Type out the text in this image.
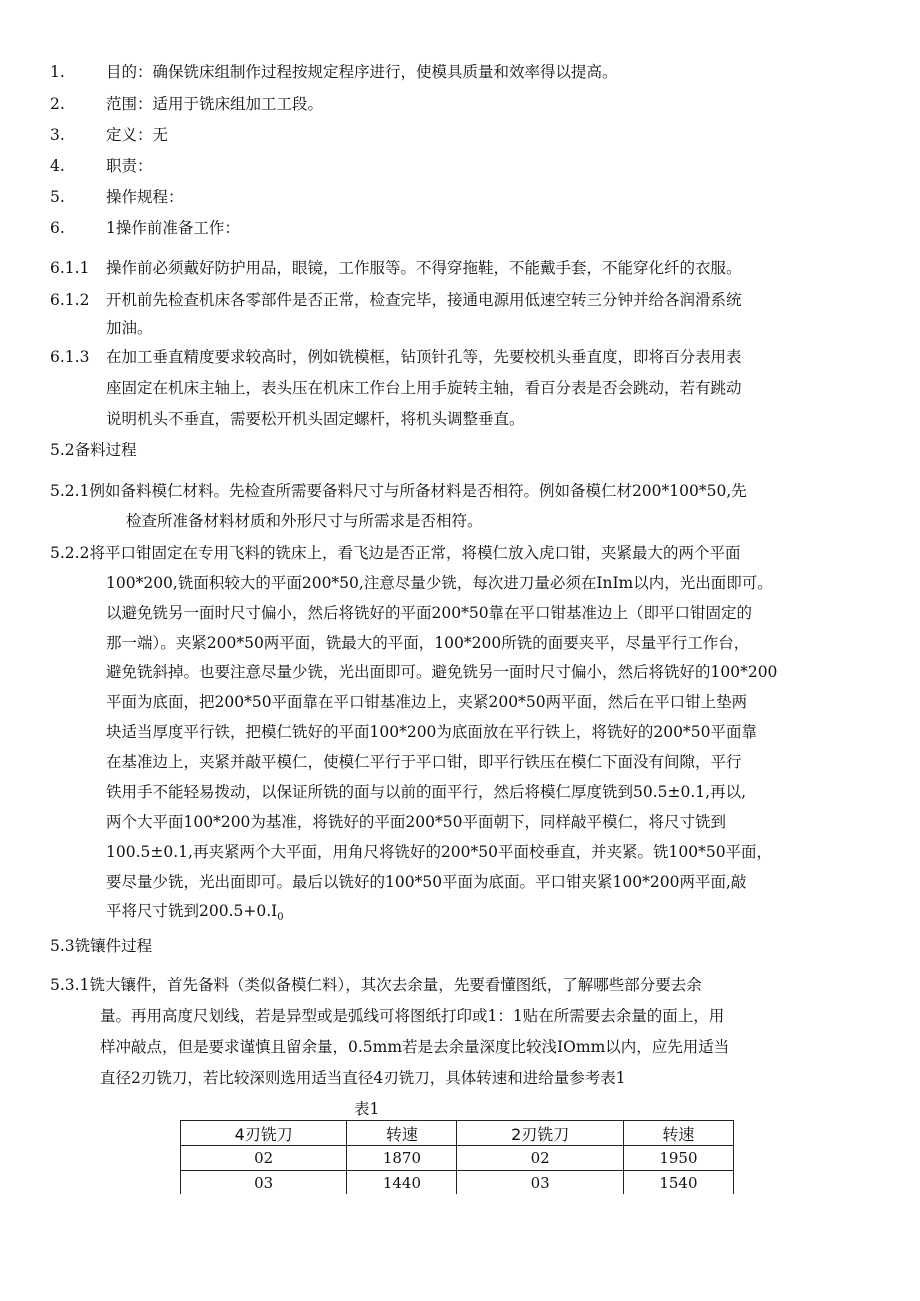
1.	目的：确保铣床组制作过程按规定程序进行，使模具质量和效率得以提高。
2.	范围：适用于铣床组加工工段。
3.	定义：无
4.	职责：
5.	操作规程：
6.	1操作前准备工作：
6.1.1 操作前必须戴好防护用品，眼镜，工作服等。不得穿拖鞋，不能戴手套，不能穿化纤的衣服。
6.1.2 开机前先检查机床各零部件是否正常，检查完毕，接通电源用低速空转三分钟并给各润滑系统
加油。
6.1.3 在加工垂直精度要求较高时，例如铣模框，钻顶针孔等，先要校机头垂直度，即将百分表用表
座固定在机床主轴上，表头压在机床工作台上用手旋转主轴，看百分表是否会跳动，若有跳动
说明机头不垂直，需要松开机头固定螺杆，将机头调整垂直。
5.2备料过程
5.2.1例如备料模仁材料。先检查所需要备料尺寸与所备材料是否相符。例如备模仁材200*100*50,先
检查所准备材料材质和外形尺寸与所需求是否相符。
5.2.2将平口钳固定在专用飞料的铣床上，看飞边是否正常，将模仁放入虎口钳，夹紧最大的两个平面
100*200,铣面积较大的平面200*50,注意尽量少铣，每次进刀量必须在InIm以内，光出面即可。
以避免铣另一面时尺寸偏小，然后将铣好的平面200*50靠在平口钳基准边上（即平口钳固定的
那一端）。夹紧200*50两平面，铣最大的平面，100*200所铣的面要夹平，尽量平行工作台，
避免铣斜掉。也要注意尽量少铣，光出面即可。避免铣另一面时尺寸偏小，然后将铣好的100*200
平面为底面，把200*50平面靠在平口钳基准边上，夹紧200*50两平面，然后在平口钳上垫两
块适当厚度平行铁，把模仁铣好的平面100*200为底面放在平行铁上，将铣好的200*50平面靠
在基准边上，夹紧并敲平模仁，使模仁平行于平口钳，即平行铁压在模仁下面没有间隙，平行
铁用手不能轻易拨动，以保证所铣的面与以前的面平行，然后将模仁厚度铣到50.5±0.1,再以,
两个大平面100*200为基准，将铣好的平面200*50平面朝下，同样敲平模仁，将尺寸铣到
100.5±0.1,再夹紧两个大平面，用角尺将铣好的200*50平面校垂直，并夹紧。铣100*50平面，
要尽量少铣，光出面即可。最后以铣好的100*50平面为底面。平口钳夹紧100*200两平面,敲
平将尺寸铣到$200.5+0.I_0$
5.3铣镶件过程
5.3.1铣大镶件，首先备料（类似备模仁料），其次去余量，先要看懂图纸，了解哪些部分要去余
量。再用高度尺划线，若是异型或是弧线可将图纸打印或1：1贴在所需要去余量的面上，用
样冲敲点，但是要求谨慎且留余量，0.5mm若是去余量深度比较浅IOmm以内，应先用适当
直径2刃铣刀，若比较深则选用适当直径4刃铣刀，具体转速和进给量参考表1
表1
4刃铣刀	转速	2刃铣刀	转速
02	1870	02	1950
03	1440	03	1540
